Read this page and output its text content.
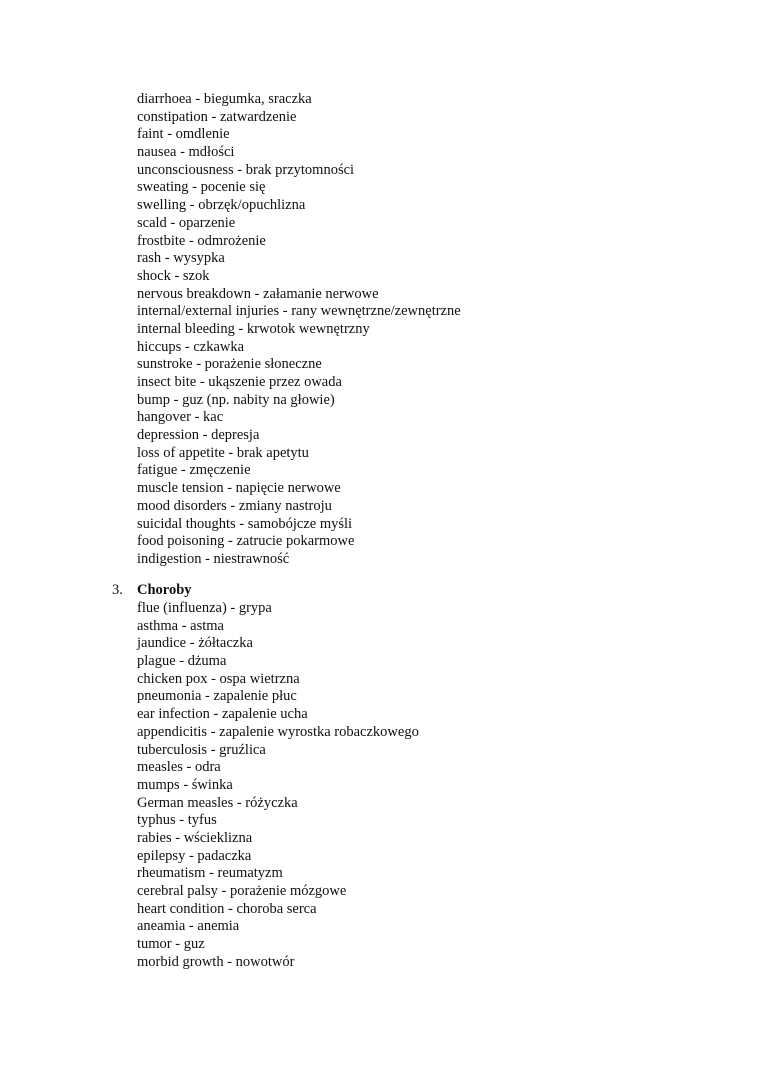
diarrhoea - biegumka, sraczka
constipation - zatwardzenie
faint - omdlenie
nausea - mdłości
unconsciousness - brak przytomności
sweating - pocenie się
swelling - obrzęk/opuchlizna
scald - oparzenie
frostbite - odmrożenie
rash - wysypka
shock - szok
nervous breakdown - załamanie nerwowe
internal/external injuries - rany wewnętrzne/zewnętrzne
internal bleeding - krwotok wewnętrzny
hiccups - czkawka
sunstroke - porażenie słoneczne
insect bite - ukąszenie przez owada
bump - guz (np. nabity na głowie)
hangover - kac
depression - depresja
loss of appetite - brak apetytu
fatigue - zmęczenie
muscle tension - napięcie nerwowe
mood disorders - zmiany nastroju
suicidal thoughts - samobójcze myśli
food poisoning - zatrucie pokarmowe
indigestion - niestrawność
3. Choroby
flue (influenza) - grypa
asthma - astma
jaundice - żółtaczka
plague - dżuma
chicken pox - ospa wietrzna
pneumonia - zapalenie płuc
ear infection - zapalenie ucha
appendicitis - zapalenie wyrostka robaczkowego
tuberculosis - gruźlica
measles - odra
mumps - świnka
German measles - różyczka
typhus - tyfus
rabies - wścieklizna
epilepsy - padaczka
rheumatism - reumatyzm
cerebral palsy - porażenie mózgowe
heart condition - choroba serca
aneamia - anemia
tumor - guz
morbid growth - nowotwór
